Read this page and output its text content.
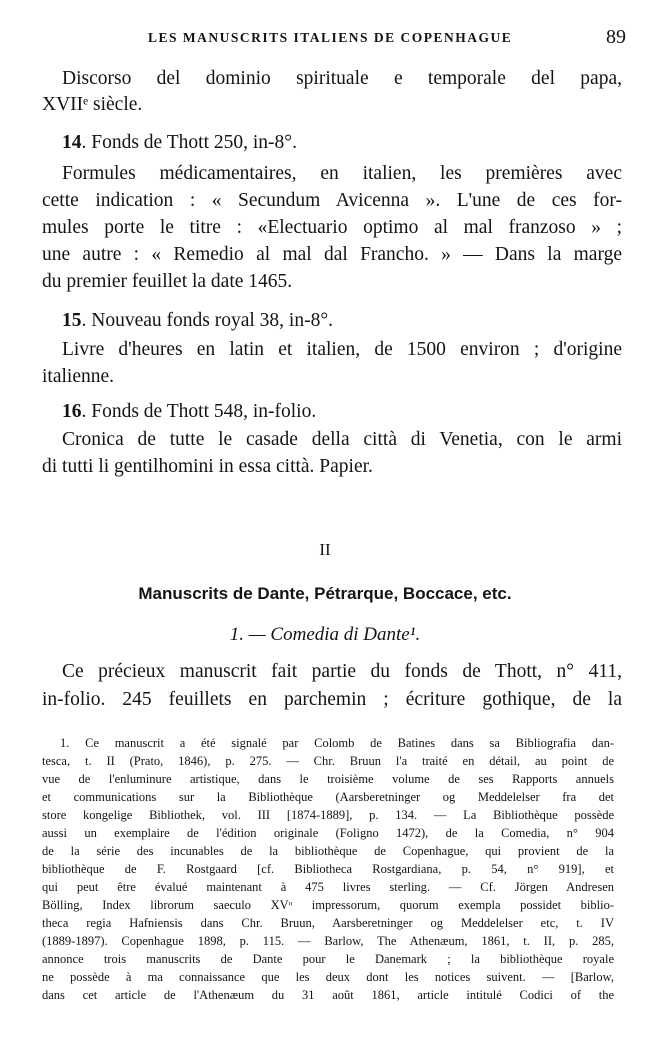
LES MANUSCRITS ITALIENS DE COPENHAGUE	89
Discorso del dominio spirituale e temporale del papa,
XVIIᵉ siècle.
14. Fonds de Thott 250, in-8°.
Formules médicamentaires, en italien, les premières avec
cette indication : « Secundum Avicenna ». L'une de ces for-
mules porte le titre : «Electuario optimo al mal franzoso » ;
une autre : « Remedio al mal dal Francho. » — Dans la marge
du premier feuillet la date 1465.
15. Nouveau fonds royal 38, in-8°.
Livre d'heures en latin et italien, de 1500 environ ; d'origine
italienne.
16. Fonds de Thott 548, in-folio.
Cronica de tutte le casade della città di Venetia, con le armi
di tutti li gentilhomini in essa città. Papier.
II
Manuscrits de Dante, Pétrarque, Boccace, etc.
1. — Comedia di Dante¹.
Ce précieux manuscrit fait partie du fonds de Thott, n° 411,
in-folio. 245 feuillets en parchemin ; écriture gothique, de la
1. Ce manuscrit a été signalé par Colomb de Batines dans sa Bibliografia dan-
tesca, t. II (Prato, 1846), p. 275. — Chr. Bruun l'a traité en détail, au point de
vue de l'enluminure artistique, dans le troisième volume de ses Rapports annuels
et communications sur la Bibliothèque (Aarsberetninger og Meddelelser fra det
store kongelige Bibliothek, vol. III [1874-1889], p. 134. — La Bibliothèque possède
aussi un exemplaire de l'édition originale (Foligno 1472), de la Comedia, n° 904
de la série des incunables de la bibliothèque de Copenhague, qui provient de la
bibliothèque de F. Rostgaard [cf. Bibliotheca Rostgardiana, p. 54, n° 919], et
qui peut être évalué maintenant à 475 livres sterling. — Cf. Jörgen Andresen
Bölling, Index librorum saeculo XVᵒ impressorum, quorum exempla possidet biblio-
theca regia Hafniensis dans Chr. Bruun, Aarsberetninger og Meddelelser etc, t. IV
(1889-1897). Copenhague 1898, p. 115. — Barlow, The Athenæum, 1861, t. II, p. 285,
annonce trois manuscrits de Dante pour le Danemark ; la bibliothèque royale
ne possède à ma connaissance que les deux dont les notices suivent. — [Barlow,
dans cet article de l'Athenæum du 31 août 1861, article intitulé Codici of the
